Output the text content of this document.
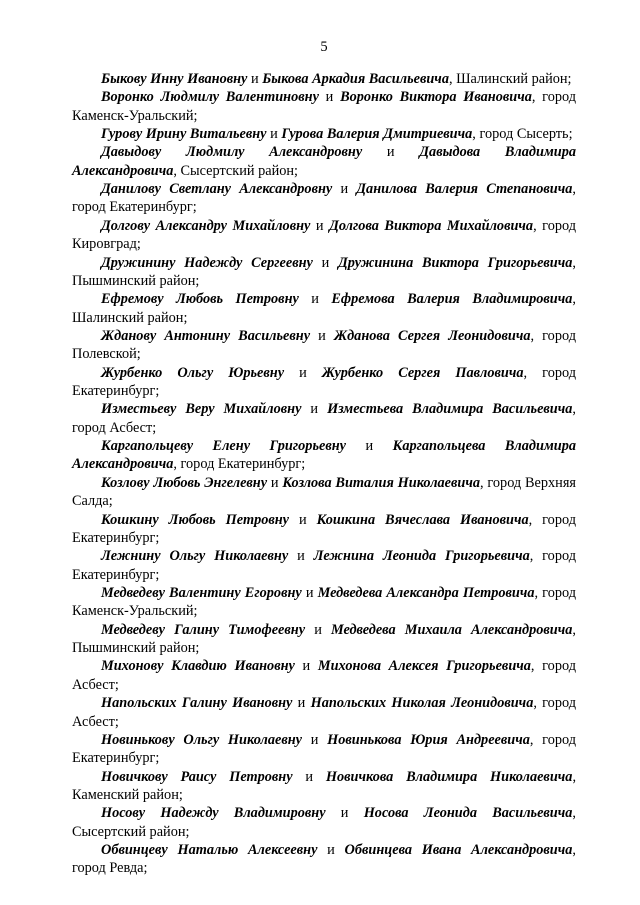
5

Быкову Инну Ивановну и Быкова Аркадия Васильевича, Шалинский район;

Воронко Людмилу Валентиновну и Воронко Виктора Ивановича, город Каменск-Уральский;

Гурову Ирину Витальевну и Гурова Валерия Дмитриевича, город Сысерть;

Давыдову Людмилу Александровну и Давыдова Владимира Александровича, Сысертский район;

Данилову Светлану Александровну и Данилова Валерия Степановича, город Екатеринбург;

Долгову Александру Михайловну и Долгова Виктора Михайловича, город Кировград;

Дружинину Надежду Сергеевну и Дружинина Виктора Григорьевича, Пышминский район;

Ефремову Любовь Петровну и Ефремова Валерия Владимировича, Шалинский район;

Жданову Антонину Васильевну и Жданова Сергея Леонидовича, город Полевской;

Журбенко Ольгу Юрьевну и Журбенко Сергея Павловича, город Екатеринбург;

Изместьеву Веру Михайловну и Изместьева Владимира Васильевича, город Асбест;

Каргапольцеву Елену Григорьевну и Каргапольцева Владимира Александровича, город Екатеринбург;

Козлову Любовь Энгелевну и Козлова Виталия Николаевича, город Верхняя Салда;

Кошкину Любовь Петровну и Кошкина Вячеслава Ивановича, город Екатеринбург;

Лежнину Ольгу Николаевну и Лежнина Леонида Григорьевича, город Екатеринбург;

Медведеву Валентину Егоровну и Медведева Александра Петровича, город Каменск-Уральский;

Медведеву Галину Тимофеевну и Медведева Михаила Александровича, Пышминский район;

Михонову Клавдию Ивановну и Михонова Алексея Григорьевича, город Асбест;

Напольских Галину Ивановну и Напольских Николая Леонидовича, город Асбест;

Новинькову Ольгу Николаевну и Новинькова Юрия Андреевича, город Екатеринбург;

Новичкову Раису Петровну и Новичкова Владимира Николаевича, Каменский район;

Носову Надежду Владимировну и Носова Леонида Васильевича, Сысертский район;

Обвинцеву Наталью Алексеевну и Обвинцева Ивана Александровича, город Ревда;
